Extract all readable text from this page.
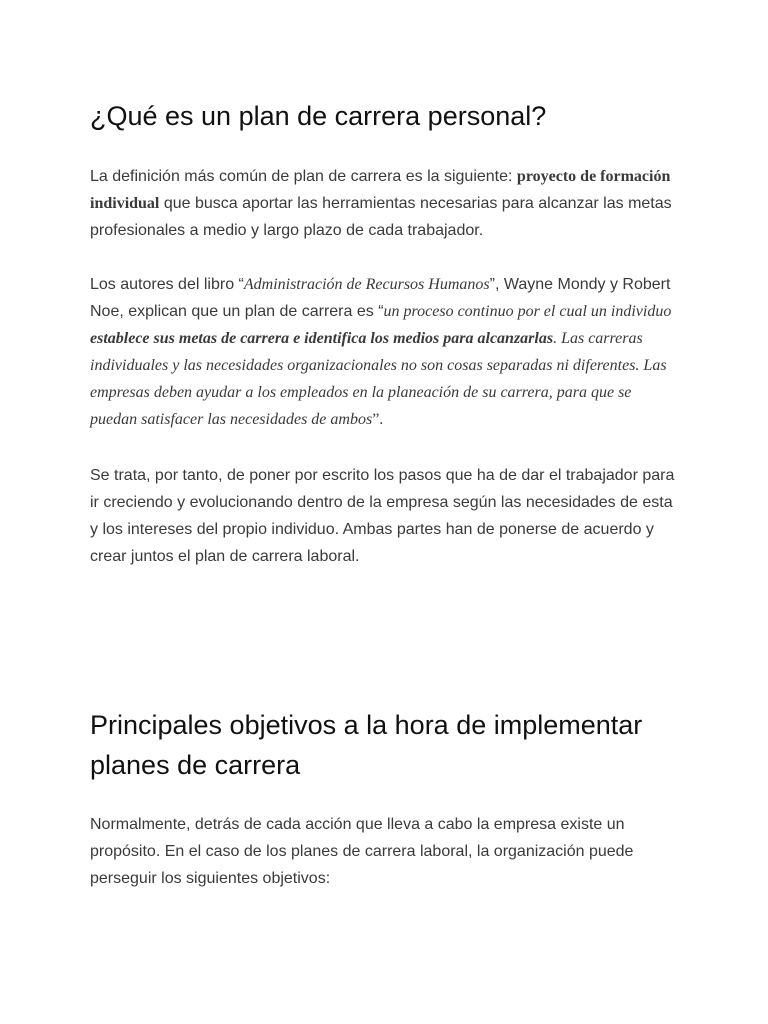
¿Qué es un plan de carrera personal?

La definición más común de plan de carrera es la siguiente: proyecto de formación individual que busca aportar las herramientas necesarias para alcanzar las metas profesionales a medio y largo plazo de cada trabajador.

Los autores del libro “Administración de Recursos Humanos”, Wayne Mondy y Robert Noe, explican que un plan de carrera es “un proceso continuo por el cual un individuo establece sus metas de carrera e identifica los medios para alcanzarlas. Las carreras individuales y las necesidades organizacionales no son cosas separadas ni diferentes. Las empresas deben ayudar a los empleados en la planeación de su carrera, para que se puedan satisfacer las necesidades de ambos”.

Se trata, por tanto, de poner por escrito los pasos que ha de dar el trabajador para ir creciendo y evolucionando dentro de la empresa según las necesidades de esta y los intereses del propio individuo. Ambas partes han de ponerse de acuerdo y crear juntos el plan de carrera laboral.

Principales objetivos a la hora de implementar planes de carrera

Normalmente, detrás de cada acción que lleva a cabo la empresa existe un propósito. En el caso de los planes de carrera laboral, la organización puede perseguir los siguientes objetivos:
